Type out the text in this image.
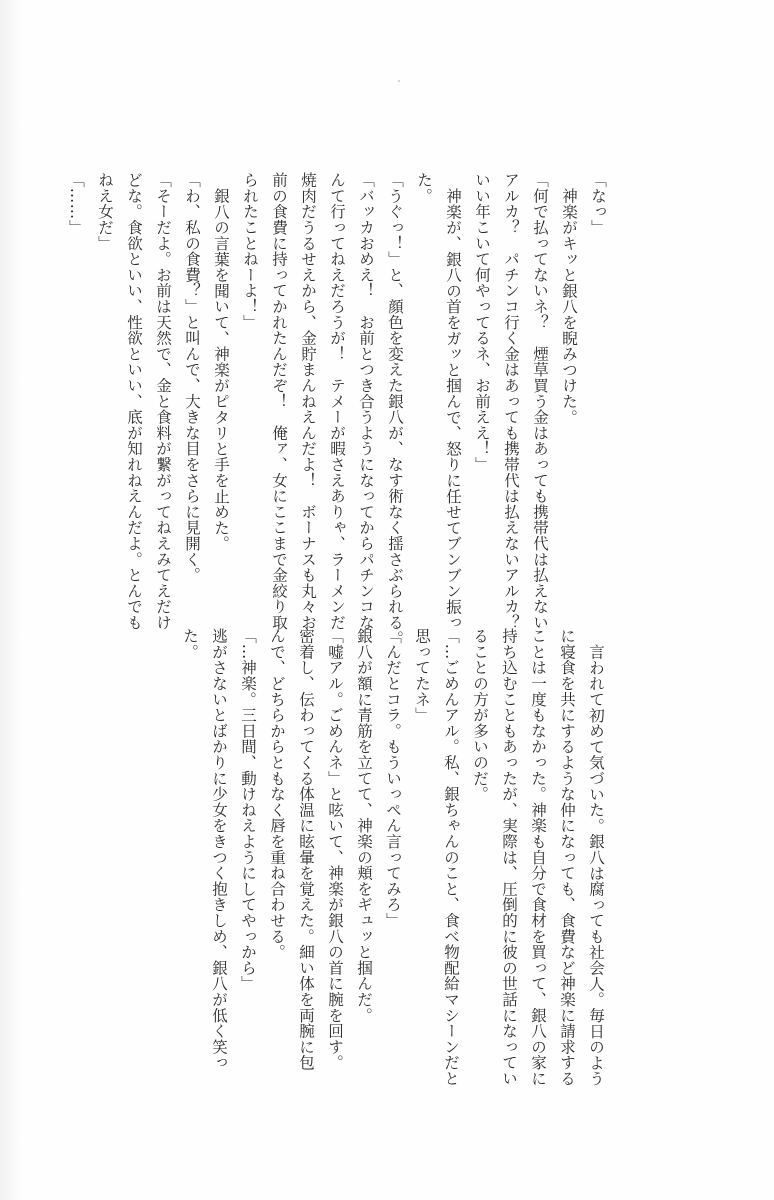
「なっ」
神楽がキッと銀八を睨みつけた。
「何で払ってないネ？　煙草買う金はあっても携帯代は払えない
アルカ？　パチンコ行く金はあっても携帯代は払えないアルカ？
いい年こいて何やってるネ、お前ええ！」
神楽が、銀八の首をガッと掴んで、怒りに任せてブンブン振っ
た。
「うぐっ！」と、顔色を変えた銀八が、なす術なく揺さぶられる。
「バッカおめえ！　お前とつき合うようになってからパチンコな
んて行ってねえだろうが！　テメーが暇さえありゃ、ラーメンだ
焼肉だうるせえから、金貯まんねえんだよ！　ボーナスも丸々お
前の食費に持ってかれたんだぞ！　俺ァ、女にここまで金絞り取
られたことねーよ！」
銀八の言葉を聞いて、神楽がピタリと手を止めた。
「わ、私の食費？」と叫んで、大きな目をさらに見開く。
「そーだよ。お前は天然で、金と食料が繋がってねえみてえだけ
どな。食欲といい、性欲といい、底が知れねえんだよ。とんでも
ねえ女だ」
「……」
言われて初めて気づいた。銀八は腐っても社会人。毎日のよう
に寝食を共にするような仲になっても、食費など神楽に請求する
ことは一度もなかった。神楽も自分で食材を買って、銀八の家に
持ち込むこともあったが、実際は、圧倒的に彼の世話になってい
ることの方が多いのだ。
「…ごめんアル。私、銀ちゃんのこと、食べ物配給マシーンだと
思ってたネ」
「んだとコラ。もういっぺん言ってみろ」
銀八が額に青筋を立てて、神楽の頬をギュッと掴んだ。
「嘘アル。ごめんネ」と呟いて、神楽が銀八の首に腕を回す。
密着し、伝わってくる体温に眩暈を覚えた。細い体を両腕に包
んで、どちらからともなく唇を重ね合わせる。
「…神楽。三日間、動けねえようにしてやっから」
逃がさないとばかりに少女をきつく抱きしめ、銀八が低く笑っ
た。
